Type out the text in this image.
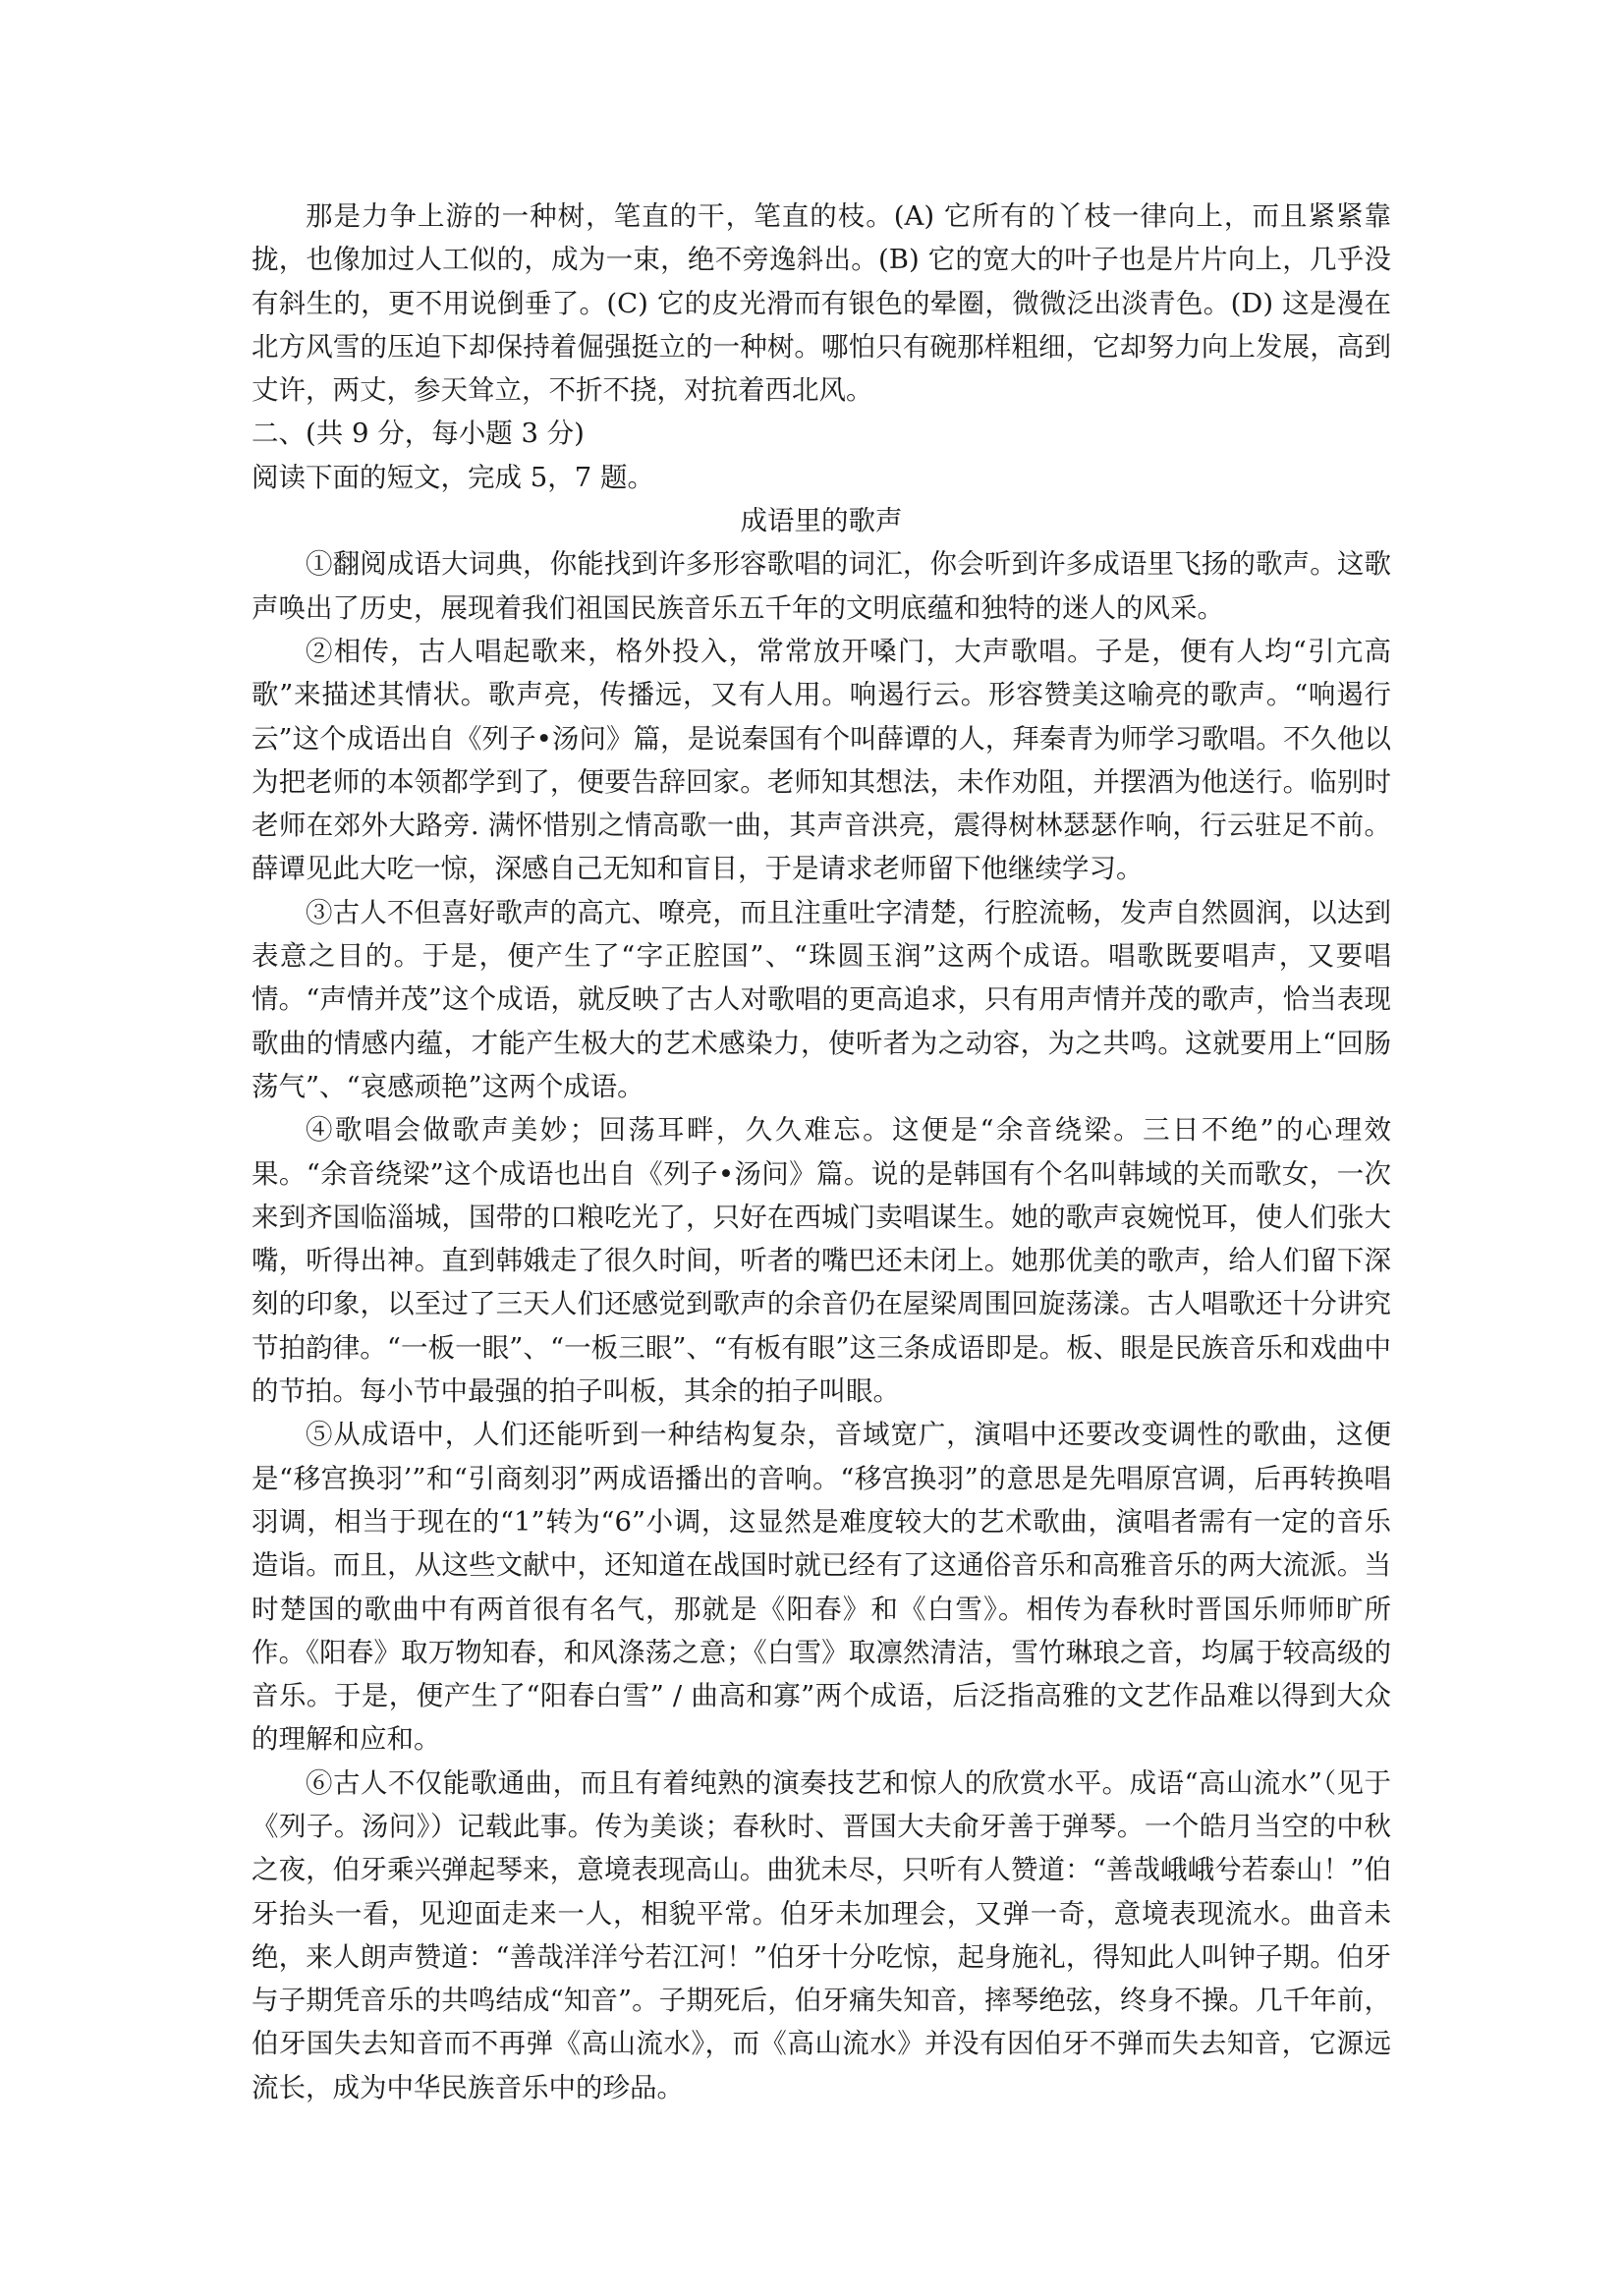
那是力争上游的一种树，笔直的干，笔直的枝。(A) 它所有的丫枝一律向上，而且紧紧靠拢，也像加过人工似的，成为一束，绝不旁逸斜出。(B) 它的宽大的叶子也是片片向上，几乎没有斜生的，更不用说倒垂了。(C) 它的皮光滑而有银色的晕圈，微微泛出淡青色。(D) 这是漫在北方风雪的压迫下却保持着倔强挺立的一种树。哪怕只有碗那样粗细，它却努力向上发展，高到丈许，两丈，参天耸立，不折不挠，对抗着西北风。

二、(共 9 分，每小题 3 分)

阅读下面的短文，完成 5，7 题。

成语里的歌声

①翻阅成语大词典，你能找到许多形容歌唱的词汇，你会听到许多成语里飞扬的歌声。这歌声唤出了历史，展现着我们祖国民族音乐五千年的文明底蕴和独特的迷人的风采。

②相传，古人唱起歌来，格外投入，常常放开嗓门，大声歌唱。子是，便有人均“引亢高歌”来描述其情状。歌声亮，传播远，又有人用。响遏行云。形容赞美这喻亮的歌声。“响遏行云”这个成语出自《列子•汤问》篇，是说秦国有个叫薛谭的人，拜秦青为师学习歌唱。不久他以为把老师的本领都学到了，便要告辞回家。老师知其想法，未作劝阻，并摆酒为他送行。临别时老师在郊外大路旁. 满怀惜别之情高歌一曲，其声音洪亮，震得树林瑟瑟作响，行云驻足不前。薛谭见此大吃一惊，深感自己无知和盲目，于是请求老师留下他继续学习。

③古人不但喜好歌声的高亢、嘹亮，而且注重吐字清楚，行腔流畅，发声自然圆润，以达到表意之目的。于是，便产生了“字正腔国”、“珠圆玉润”这两个成语。唱歌既要唱声，又要唱情。“声情并茂”这个成语，就反映了古人对歌唱的更高追求，只有用声情并茂的歌声，恰当表现歌曲的情感内蕴，才能产生极大的艺术感染力，使听者为之动容，为之共鸣。这就要用上“回肠荡气”、“哀感顽艳”这两个成语。

④歌唱会做歌声美妙；回荡耳畔，久久难忘。这便是“余音绕梁。三日不绝”的心理效果。“余音绕梁”这个成语也出自《列子•汤问》篇。说的是韩国有个名叫韩域的关而歌女，一次来到齐国临淄城，国带的口粮吃光了，只好在西城门卖唱谋生。她的歌声哀婉悦耳，使人们张大嘴，听得出神。直到韩娥走了很久时间，听者的嘴巴还未闭上。她那优美的歌声，给人们留下深刻的印象，以至过了三天人们还感觉到歌声的余音仍在屋梁周围回旋荡漾。古人唱歌还十分讲究节拍韵律。“一板一眼”、“一板三眼”、“有板有眼”这三条成语即是。板、眼是民族音乐和戏曲中的节拍。每小节中最强的拍子叫板，其余的拍子叫眼。

⑤从成语中，人们还能听到一种结构复杂，音域宽广，演唱中还要改变调性的歌曲，这便是“移宫换羽’”和“引商刻羽”两成语播出的音响。“移宫换羽”的意思是先唱原宫调，后再转换唱羽调，相当于现在的“1”转为“6”小调，这显然是难度较大的艺术歌曲，演唱者需有一定的音乐造诣。而且，从这些文献中，还知道在战国时就已经有了这通俗音乐和高雅音乐的两大流派。当时楚国的歌曲中有两首很有名气，那就是《阳春》和《白雪》。相传为春秋时晋国乐师师旷所作。《阳春》取万物知春，和风涤荡之意；《白雪》取凛然清洁，雪竹琳琅之音，均属于较高级的音乐。于是，便产生了“阳春白雪” / 曲高和寡”两个成语，后泛指高雅的文艺作品难以得到大众的理解和应和。

⑥古人不仅能歌通曲，而且有着纯熟的演奏技艺和惊人的欣赏水平。成语“高山流水”（见于《列子。汤问》）记载此事。传为美谈；春秋时、晋国大夫俞牙善于弹琴。一个皓月当空的中秋之夜，伯牙乘兴弹起琴来，意境表现高山。曲犹未尽，只听有人赞道：“善哉峨峨兮若泰山！”伯牙抬头一看，见迎面走来一人，相貌平常。伯牙未加理会，又弹一奇，意境表现流水。曲音未绝，来人朗声赞道：“善哉洋洋兮若江河！”伯牙十分吃惊，起身施礼，得知此人叫钟子期。伯牙与子期凭音乐的共鸣结成“知音”。子期死后，伯牙痛失知音，摔琴绝弦，终身不操。几千年前，伯牙国失去知音而不再弹《高山流水》，而《高山流水》并没有因伯牙不弹而失去知音，它源远流长，成为中华民族音乐中的珍品。
